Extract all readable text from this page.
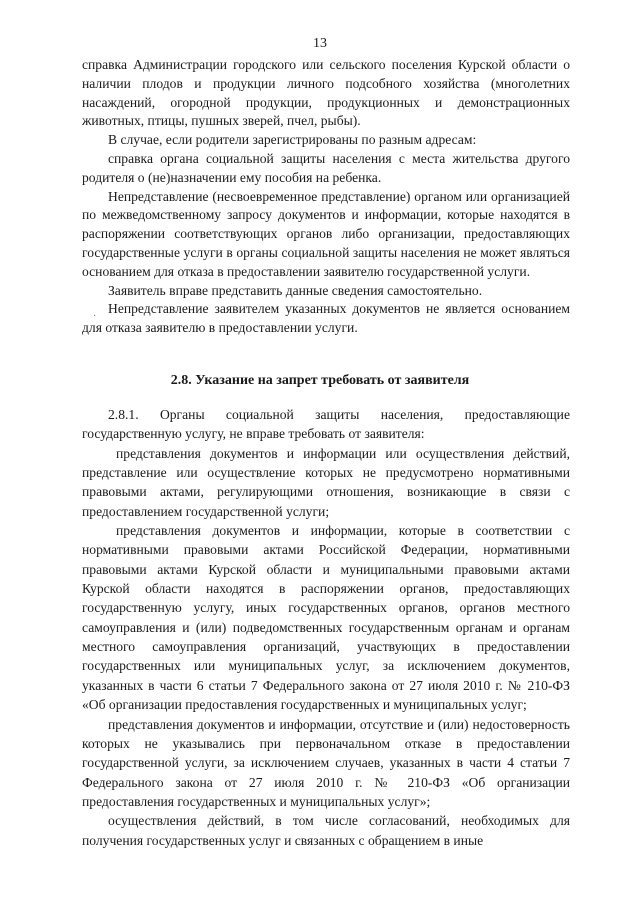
13

справка Администрации городского или сельского поселения Курской области о наличии плодов и продукции личного подсобного хозяйства (многолетних насаждений, огородной продукции, продукционных и демонстрационных животных, птицы, пушных зверей, пчел, рыбы).

В случае, если родители зарегистрированы по разным адресам:

справка органа социальной защиты населения с места жительства другого родителя о (не)назначении ему пособия на ребенка.

Непредставление (несвоевременное представление) органом или организацией по межведомственному запросу документов и информации, которые находятся в распоряжении соответствующих органов либо организации, предоставляющих государственные услуги в органы социальной защиты населения не может являться основанием для отказа в предоставлении заявителю государственной услуги.

Заявитель вправе представить данные сведения самостоятельно.

Непредставление заявителем указанных документов не является основанием для отказа заявителю в предоставлении услуги.

·
2.8. Указание на запрет требовать от заявителя

2.8.1. Органы социальной защиты населения, предоставляющие государственную услугу, не вправе требовать от заявителя:

представления документов и информации или осуществления действий, представление или осуществление которых не предусмотрено нормативными правовыми актами, регулирующими отношения, возникающие в связи с предоставлением государственной услуги;

представления документов и информации, которые в соответствии с нормативными правовыми актами Российской Федерации, нормативными правовыми актами Курской области и муниципальными правовыми актами Курской области находятся в распоряжении органов, предоставляющих государственную услугу, иных государственных органов, органов местного самоуправления и (или) подведомственных государственным органам и органам местного самоуправления организаций, участвующих в предоставлении государственных или муниципальных услуг, за исключением документов, указанных в части 6 статьи 7 Федерального закона от 27 июля 2010 г. № 210-ФЗ «Об организации предоставления государственных и муниципальных услуг;

представления документов и информации, отсутствие и (или) недостоверность которых не указывались при первоначальном отказе в предоставлении государственной услуги, за исключением случаев, указанных в части 4 статьи 7 Федерального закона от 27 июля 2010 г. № 210-ФЗ «Об организации предоставления государственных и муниципальных услуг»;

осуществления действий, в том числе согласований, необходимых для получения государственных услуг и связанных с обращением в иные
